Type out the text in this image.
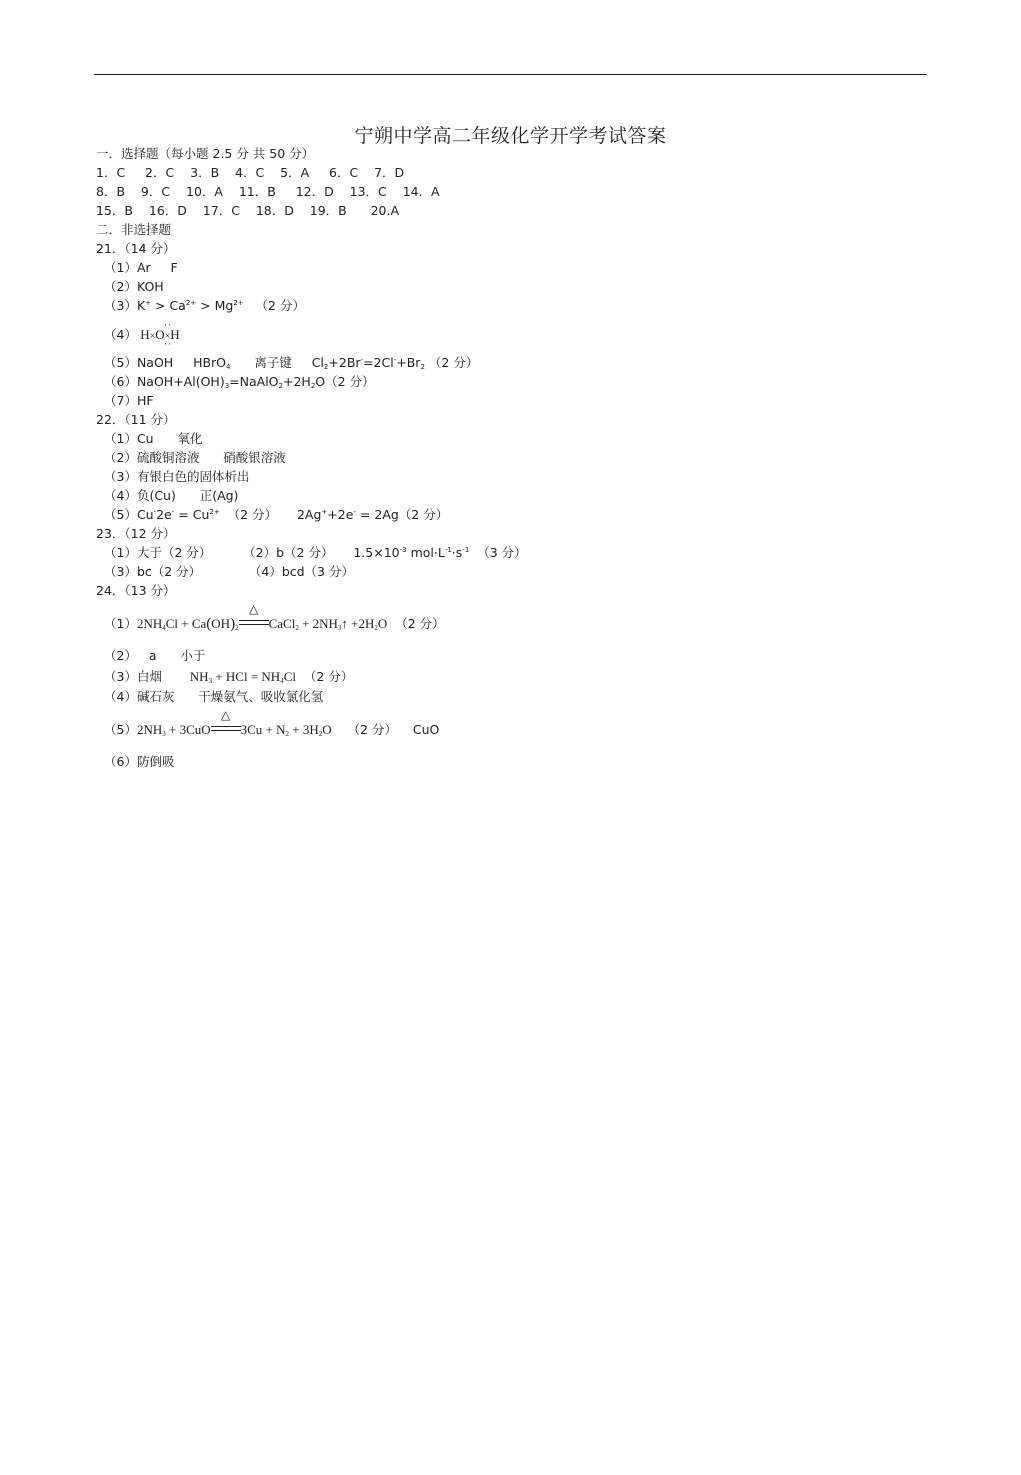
宁朔中学高二年级化学开学考试答案
一．选择题（每小题 2.5 分 共 50 分）
1．C     2．C    3．B    4．C    5．A     6．C    7．D
8．B    9．C    10．A    11．B     12．D    13．C    14．A
15．B    16．D    17．C    18．D    19．B      20.A
二．非选择题
21．（14 分）
（1）Ar     F
（2）KOH
$(3)K^+ > Ca^{2+} > Mg^{2+}$   （2 分）
（4） H×O×H
··
··
（5）NaOH     HBrO$_4$      离子键     $Cl_2+2Br^-=2Cl^-+Br_2$ （2 分）
$(6)NaOH+Al(OH)_3=NaAlO_2+2H_2O(2$ 分）
（7）HF
22．（11 分）
（1）Cu      氧化
（2）硫酸铜溶液      硝酸银溶液
（3）有银白色的固体析出
（4）负(Cu)      正(Ag)
$(5)Cu^-2e^- = Cu^{2+}$  （2 分）     2Ag++2e- = 2Ag（2 分）
23．（12 分）
（1）大于（2 分）        （2）b（2 分）     $1.5\times 10^{-3}$ $mol\cdot L^{-1}\cdot s^{-1}$  （3 分）
（3）bc（2 分）            （4）bcd（3 分）
24．（13 分）
$(1)2NH_4Cl + Ca(OH)_2$
△
CaCl$_2$ + $2NH_3↑ +2H_2O$  （2 分）
（2）   a      小于
（3）白烟       $NH_3$ + HCl = $NH_4Cl$  （2 分）
（4）碱石灰      干燥氨气、吸收氯化氢
$(5)2NH_3 + 3CuO$
△
$3Cu + N_2 + 3H_2O$    （2 分）    CuO
（6）防倒吸
